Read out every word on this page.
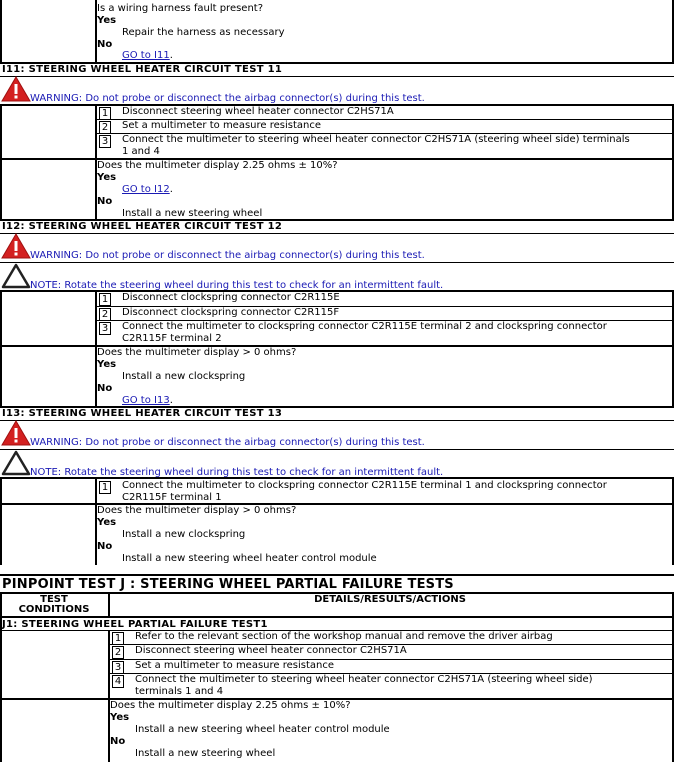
Is a wiring harness fault present?
Yes
Repair the harness as necessary
No
GO to I11.
I11: STEERING WHEEL HEATER CIRCUIT TEST 11
WARNING: Do not probe or disconnect the airbag connector(s) during this test.
1 Disconnect steering wheel heater connector C2HS71A
2 Set a multimeter to measure resistance
3 Connect the multimeter to steering wheel heater connector C2HS71A (steering wheel side) terminals
1 and 4
Does the multimeter display 2.25 ohms ± 10%?
Yes
GO to I12.
No
Install a new steering wheel
I12: STEERING WHEEL HEATER CIRCUIT TEST 12
WARNING: Do not probe or disconnect the airbag connector(s) during this test.
NOTE: Rotate the steering wheel during this test to check for an intermittent fault.
1 Disconnect clockspring connector C2R115E
2 Disconnect clockspring connector C2R115F
3 Connect the multimeter to clockspring connector C2R115E terminal 2 and clockspring connector
C2R115F terminal 2
Does the multimeter display > 0 ohms?
Yes
Install a new clockspring
No
GO to I13.
I13: STEERING WHEEL HEATER CIRCUIT TEST 13
WARNING: Do not probe or disconnect the airbag connector(s) during this test.
NOTE: Rotate the steering wheel during this test to check for an intermittent fault.
1 Connect the multimeter to clockspring connector C2R115E terminal 1 and clockspring connector
C2R115F terminal 1
Does the multimeter display > 0 ohms?
Yes
Install a new clockspring
No
Install a new steering wheel heater control module
PINPOINT TEST J : STEERING WHEEL PARTIAL FAILURE TESTS
TEST
CONDITIONS
DETAILS/RESULTS/ACTIONS
J1: STEERING WHEEL PARTIAL FAILURE TEST1
1 Refer to the relevant section of the workshop manual and remove the driver airbag
2 Disconnect steering wheel heater connector C2HS71A
3 Set a multimeter to measure resistance
4 Connect the multimeter to steering wheel heater connector C2HS71A (steering wheel side)
terminals 1 and 4
Does the multimeter display 2.25 ohms ± 10%?
Yes
Install a new steering wheel heater control module
No
Install a new steering wheel
